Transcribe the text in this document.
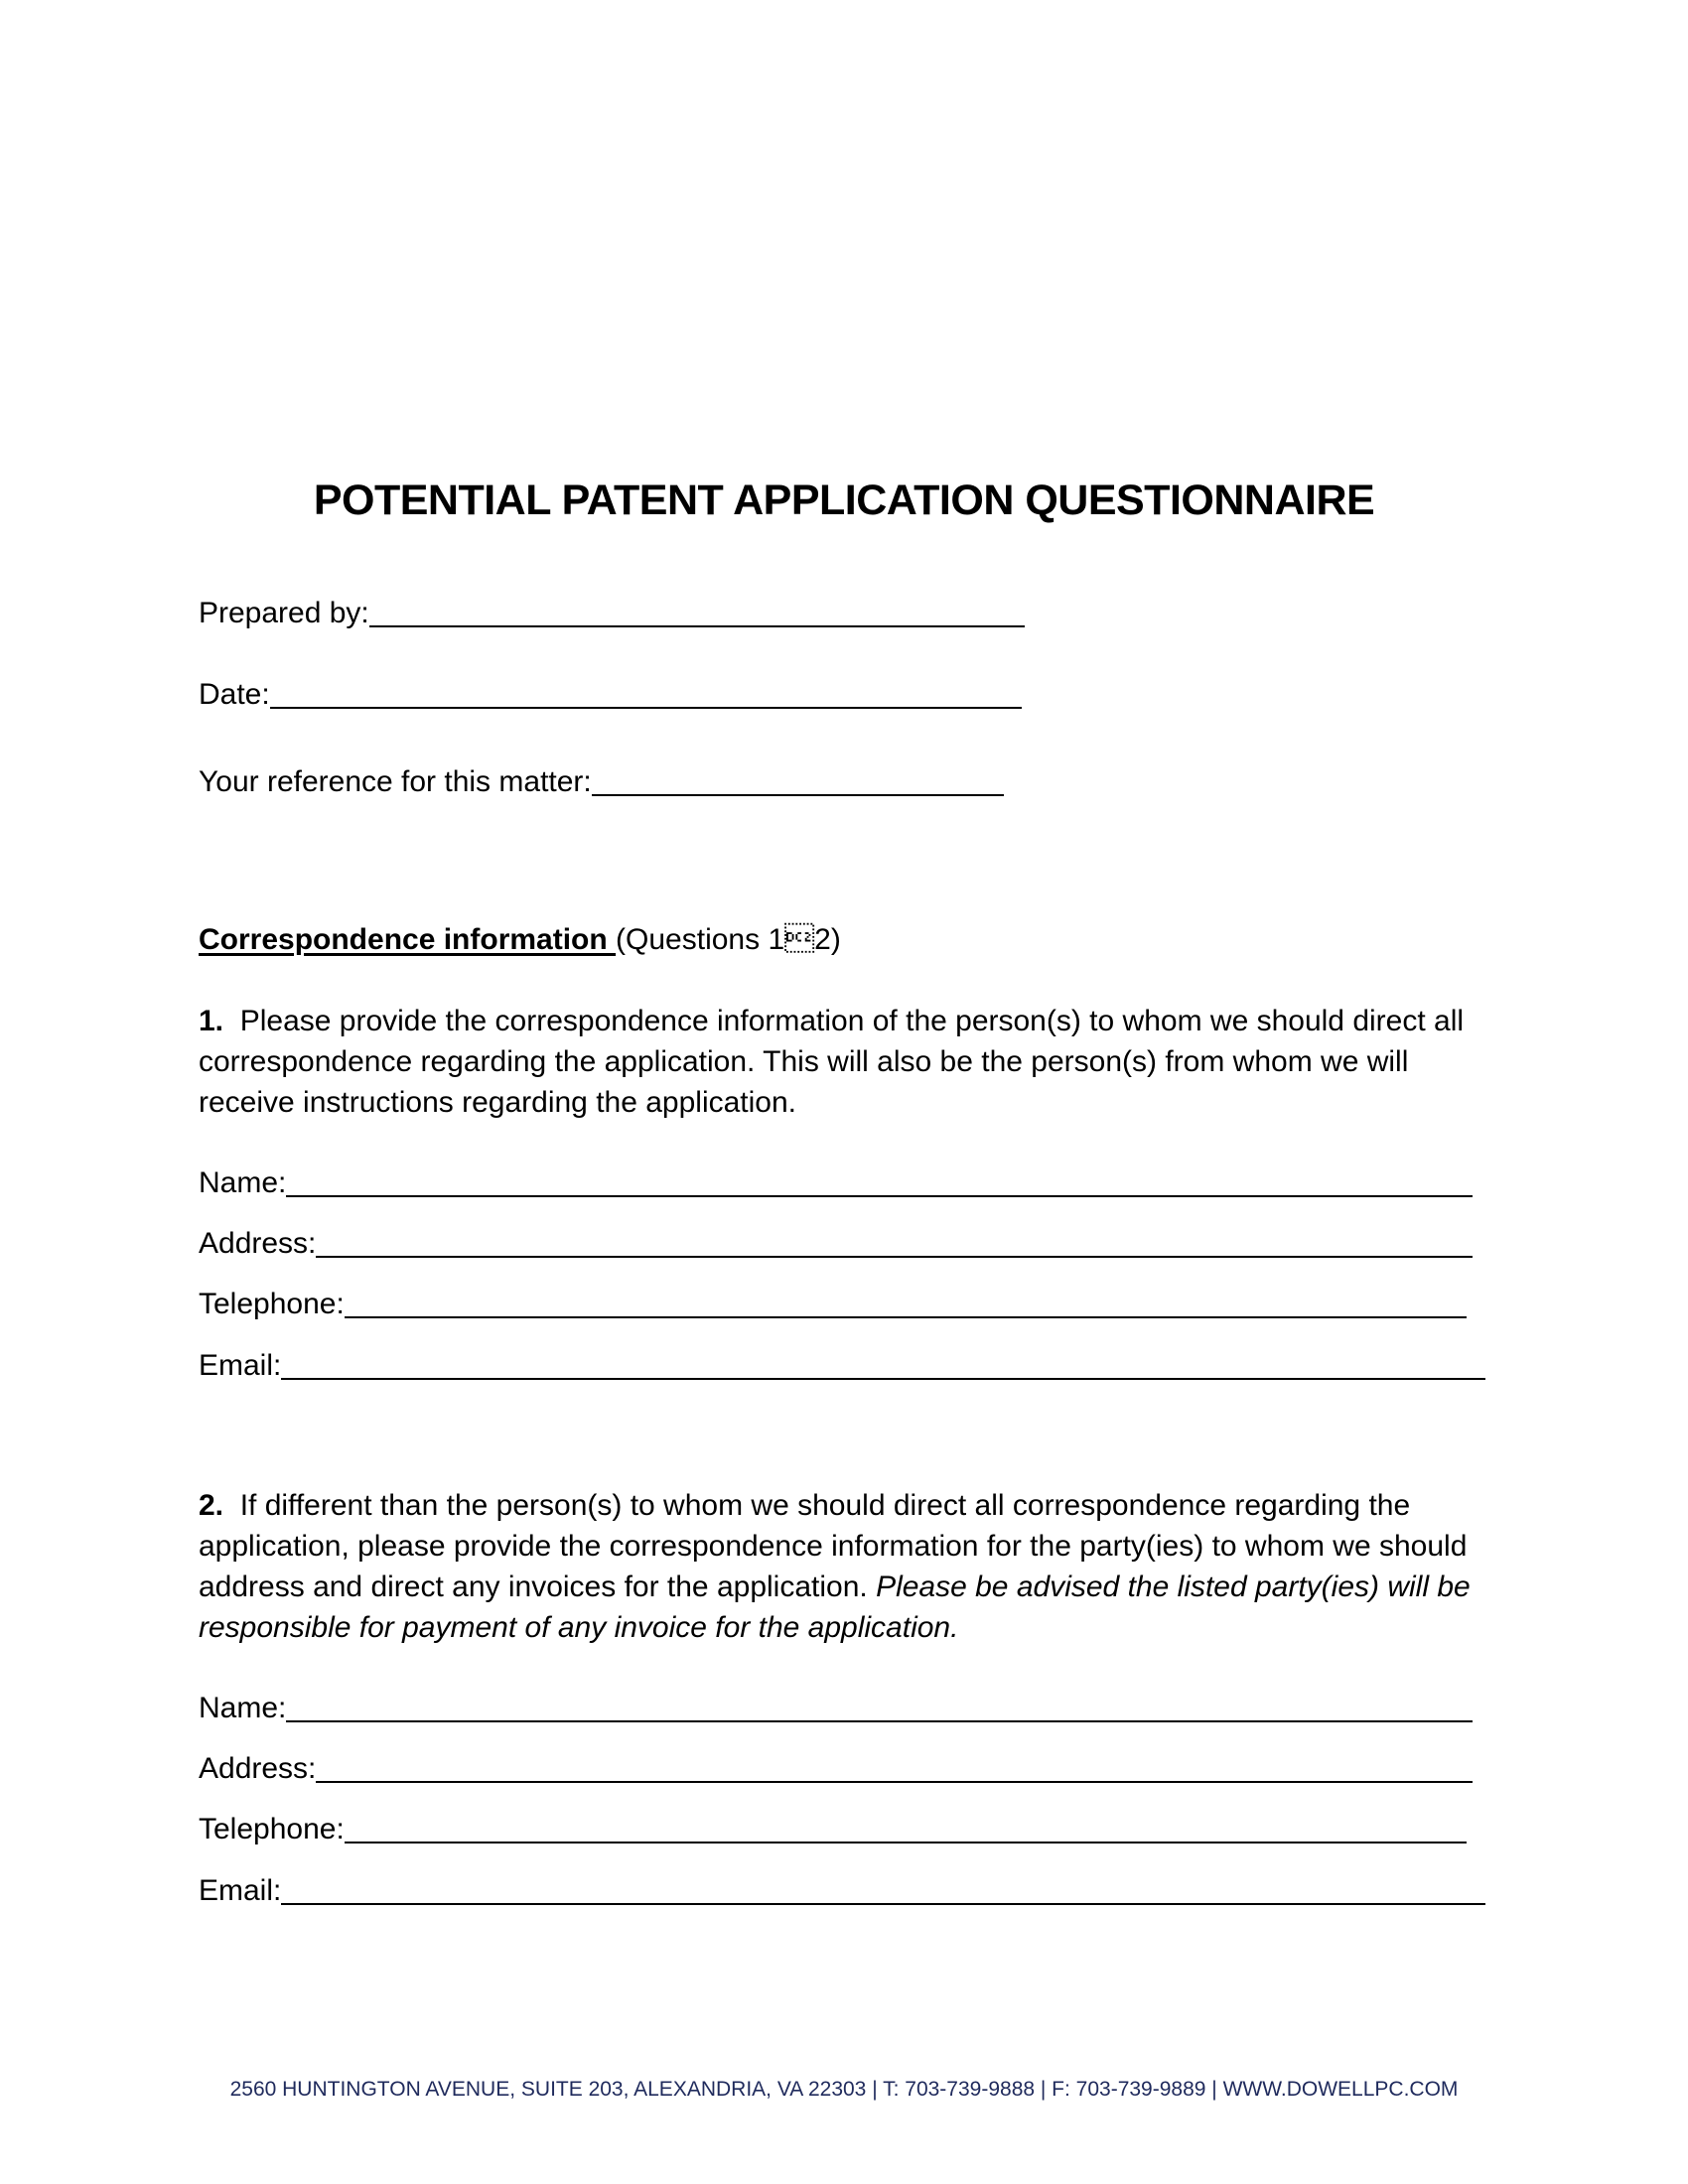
POTENTIAL PATENT APPLICATION QUESTIONNAIRE
Prepared by:
Date:
Your reference for this matter:
Correspondence information (Questions 12)
1. Please provide the correspondence information of the person(s) to whom we should direct all correspondence regarding the application. This will also be the person(s) from whom we will receive instructions regarding the application.
Name:
Address:
Telephone:
Email:
2. If different than the person(s) to whom we should direct all correspondence regarding the application, please provide the correspondence information for the party(ies) to whom we should address and direct any invoices for the application. Please be advised the listed party(ies) will be responsible for payment of any invoice for the application.
Name:
Address:
Telephone:
Email:
2560 HUNTINGTON AVENUE, SUITE 203, ALEXANDRIA, VA 22303 | T: 703-739-9888 | F: 703-739-9889 | WWW.DOWELLPC.COM
